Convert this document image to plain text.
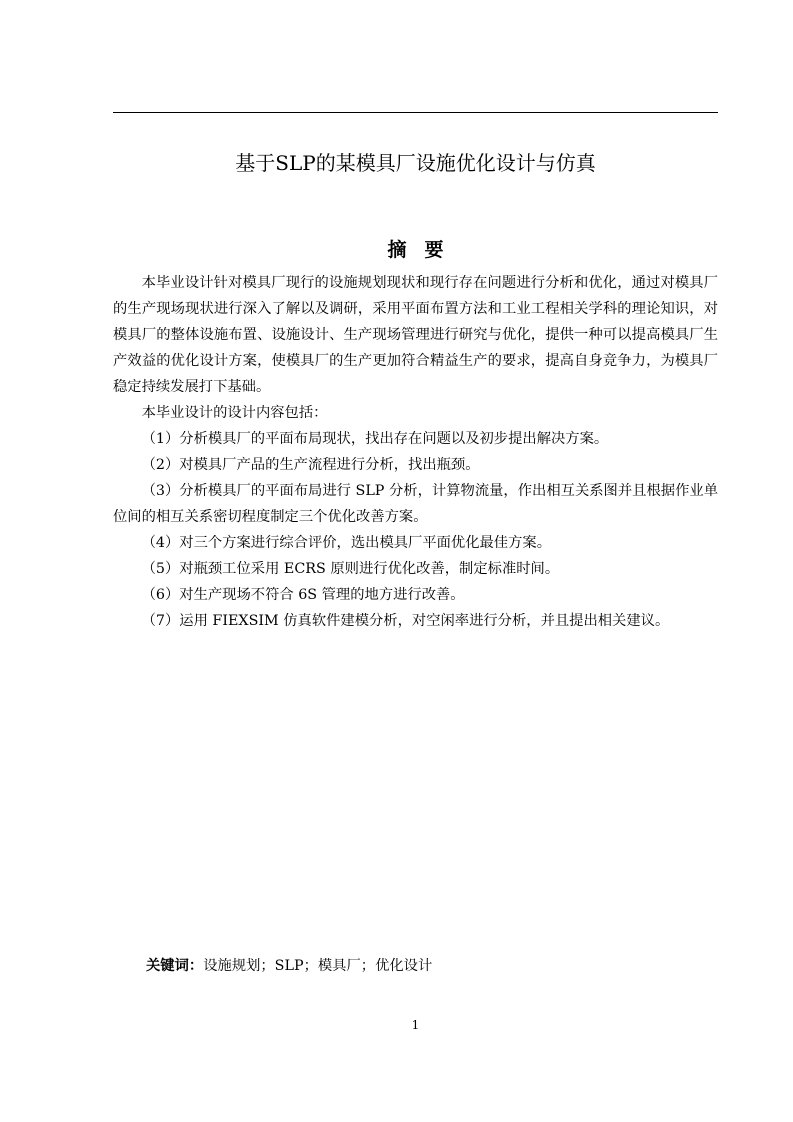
基于SLP的某模具厂设施优化设计与仿真
摘要

本毕业设计针对模具厂现行的设施规划现状和现行存在问题进行分析和优化，通过对模具厂的生产现场现状进行深入了解以及调研，采用平面布置方法和工业工程相关学科的理论知识，对模具厂的整体设施布置、设施设计、生产现场管理进行研究与优化，提供一种可以提高模具厂生产效益的优化设计方案，使模具厂的生产更加符合精益生产的要求，提高自身竞争力，为模具厂稳定持续发展打下基础。

本毕业设计的设计内容包括：

（1）分析模具厂的平面布局现状，找出存在问题以及初步提出解决方案。
（2）对模具厂产品的生产流程进行分析，找出瓶颈。
（3）分析模具厂的平面布局进行 SLP 分析，计算物流量，作出相互关系图并且根据作业单位间的相互关系密切程度制定三个优化改善方案。
（4）对三个方案进行综合评价，选出模具厂平面优化最佳方案。
（5）对瓶颈工位采用 ECRS 原则进行优化改善，制定标准时间。
（6）对生产现场不符合 6S 管理的地方进行改善。
（7）运用 FIEXSIM 仿真软件建模分析，对空闲率进行分析，并且提出相关建议。
关键词：设施规划；SLP；模具厂；优化设计
1
